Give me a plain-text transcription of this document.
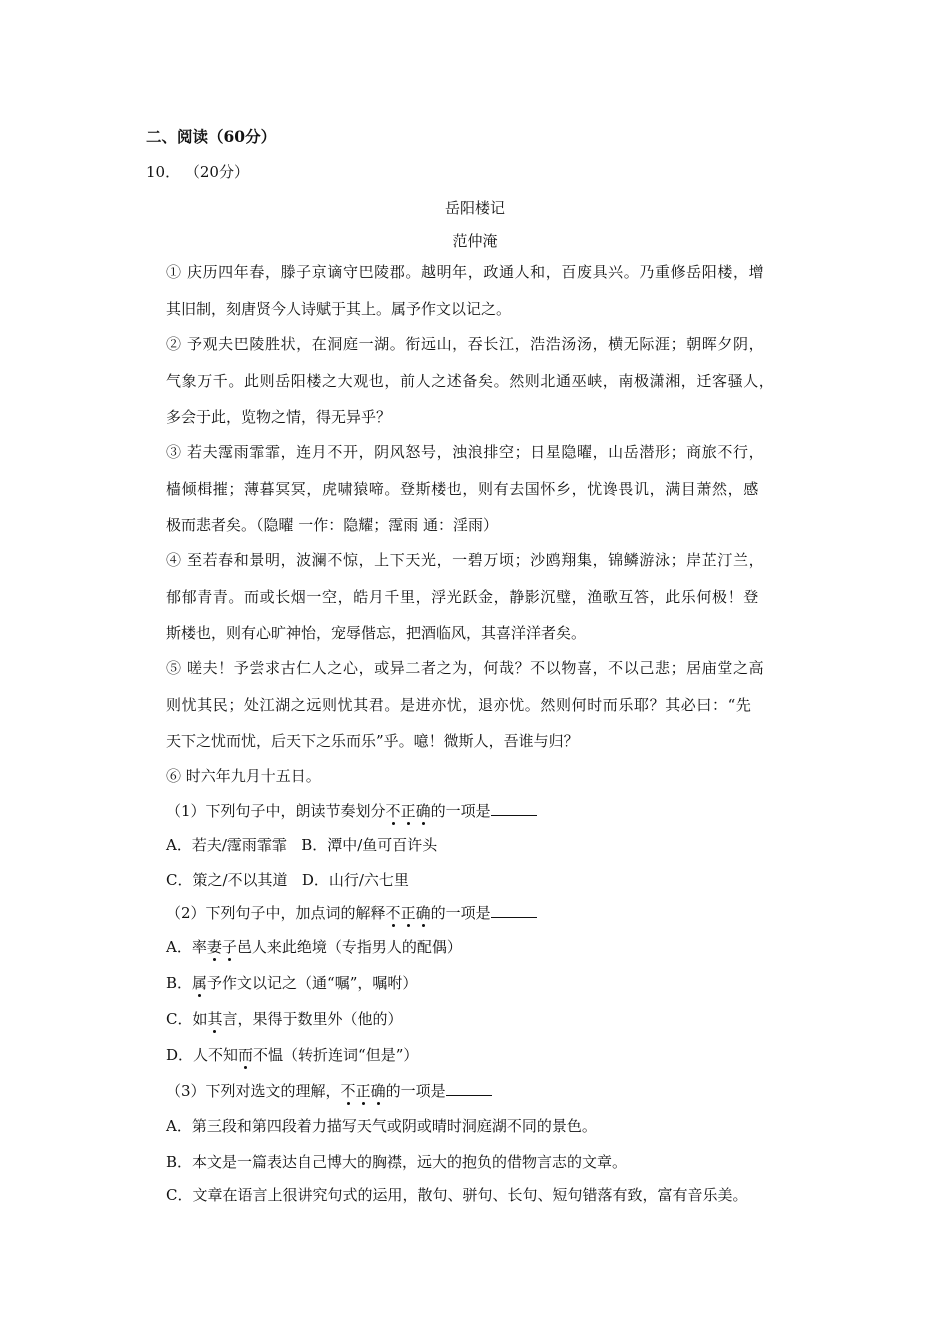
二、阅读（60分）
10． （20分）
岳阳楼记
范仲淹
① 庆历四年春，滕子京谪守巴陵郡。越明年，政通人和，百废具兴。乃重修岳阳楼，增
其旧制，刻唐贤今人诗赋于其上。属予作文以记之。
② 予观夫巴陵胜状，在洞庭一湖。衔远山，吞长江，浩浩汤汤，横无际涯；朝晖夕阴，
气象万千。此则岳阳楼之大观也，前人之述备矣。然则北通巫峡，南极潇湘，迁客骚人，
多会于此，览物之情，得无异乎？
③ 若夫霪雨霏霏，连月不开，阴风怒号，浊浪排空；日星隐曜，山岳潜形；商旅不行，
樯倾楫摧；薄暮冥冥，虎啸猿啼。登斯楼也，则有去国怀乡，忧谗畏讥，满目萧然，感
极而悲者矣。（隐曜 一作：隐耀；霪雨 通：淫雨）
④ 至若春和景明，波澜不惊，上下天光，一碧万顷；沙鸥翔集，锦鳞游泳；岸芷汀兰，
郁郁青青。而或长烟一空，皓月千里，浮光跃金，静影沉璧，渔歌互答，此乐何极！登
斯楼也，则有心旷神怡，宠辱偕忘，把酒临风，其喜洋洋者矣。
⑤ 嗟夫！予尝求古仁人之心，或异二者之为，何哉？不以物喜，不以己悲；居庙堂之高
则忧其民；处江湖之远则忧其君。是进亦忧，退亦忧。然则何时而乐耶？其必曰：“先
天下之忧而忧，后天下之乐而乐”乎。噫！微斯人，吾谁与归？
⑥ 时六年九月十五日。
（1）下列句子中，朗读节奏划分不正确的一项是
A．若夫/霪雨霏霏   B．潭中/鱼可百许头
C．策之/不以其道   D．山行/六七里
（2）下列句子中，加点词的解释不正确的一项是
A．率妻子邑人来此绝境（专指男人的配偶）
B．属予作文以记之（通“嘱”，嘱咐）
C．如其言，果得于数里外（他的）
D．人不知而不愠（转折连词“但是”）
（3）下列对选文的理解，不正确的一项是
A．第三段和第四段着力描写天气或阴或晴时洞庭湖不同的景色。
B．本文是一篇表达自己博大的胸襟，远大的抱负的借物言志的文章。
C．文章在语言上很讲究句式的运用，散句、骈句、长句、短句错落有致，富有音乐美。
